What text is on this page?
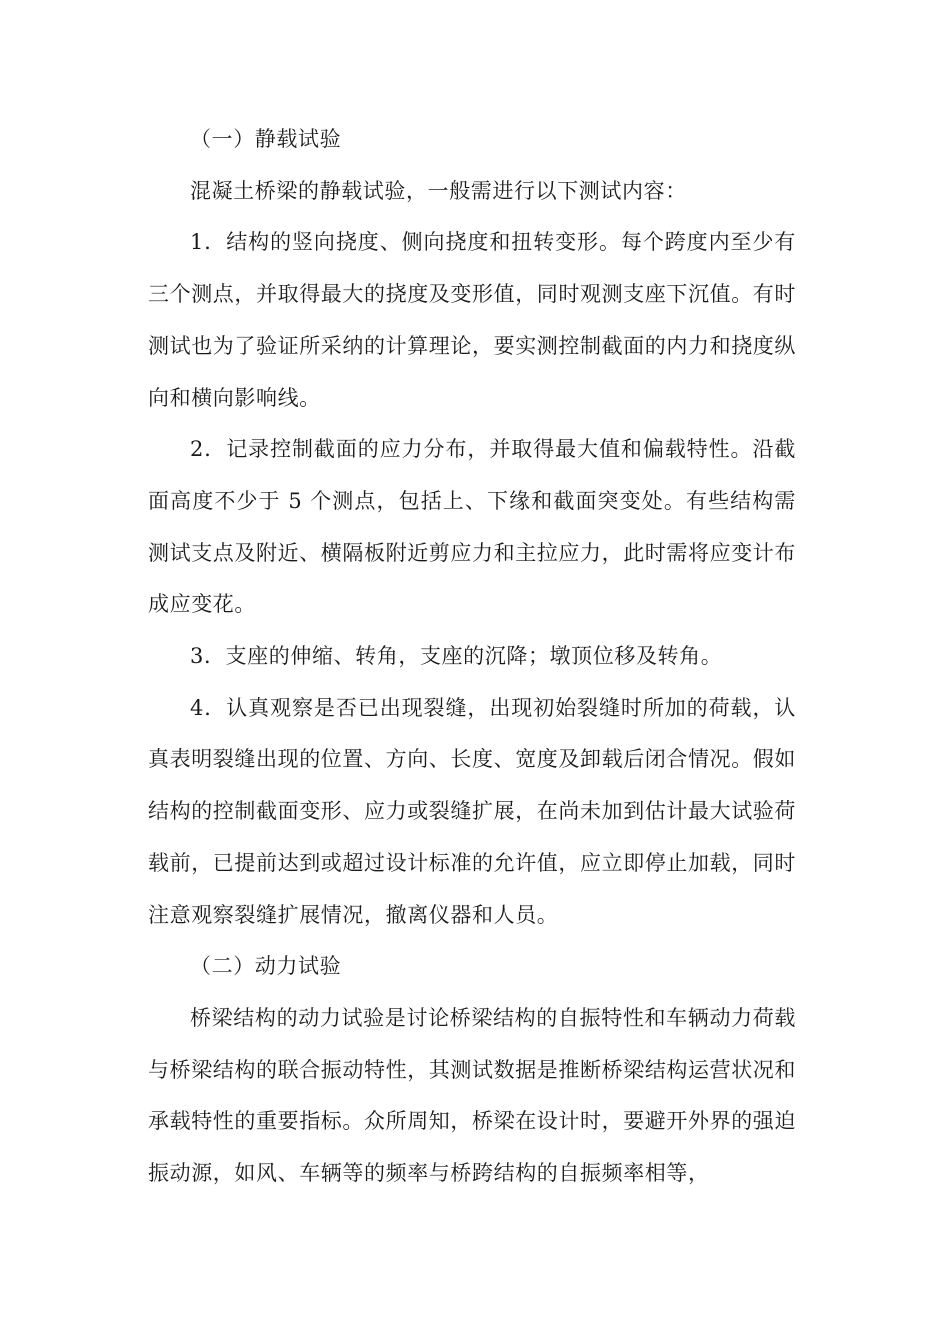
（一）静载试验

混凝土桥梁的静载试验，一般需进行以下测试内容：

1．结构的竖向挠度、侧向挠度和扭转变形。每个跨度内至少有三个测点，并取得最大的挠度及变形值，同时观测支座下沉值。有时测试也为了验证所采纳的计算理论，要实测控制截面的内力和挠度纵向和横向影响线。

2．记录控制截面的应力分布，并取得最大值和偏载特性。沿截面高度不少于 5 个测点，包括上、下缘和截面突变处。有些结构需测试支点及附近、横隔板附近剪应力和主拉应力，此时需将应变计布成应变花。

3．支座的伸缩、转角，支座的沉降；墩顶位移及转角。

4．认真观察是否已出现裂缝，出现初始裂缝时所加的荷载，认真表明裂缝出现的位置、方向、长度、宽度及卸载后闭合情况。假如结构的控制截面变形、应力或裂缝扩展，在尚未加到估计最大试验荷载前，已提前达到或超过设计标准的允许值，应立即停止加载，同时注意观察裂缝扩展情况，撤离仪器和人员。

（二）动力试验

桥梁结构的动力试验是讨论桥梁结构的自振特性和车辆动力荷载与桥梁结构的联合振动特性，其测试数据是推断桥梁结构运营状况和承载特性的重要指标。众所周知，桥梁在设计时，要避开外界的强迫振动源，如风、车辆等的频率与桥跨结构的自振频率相等，
